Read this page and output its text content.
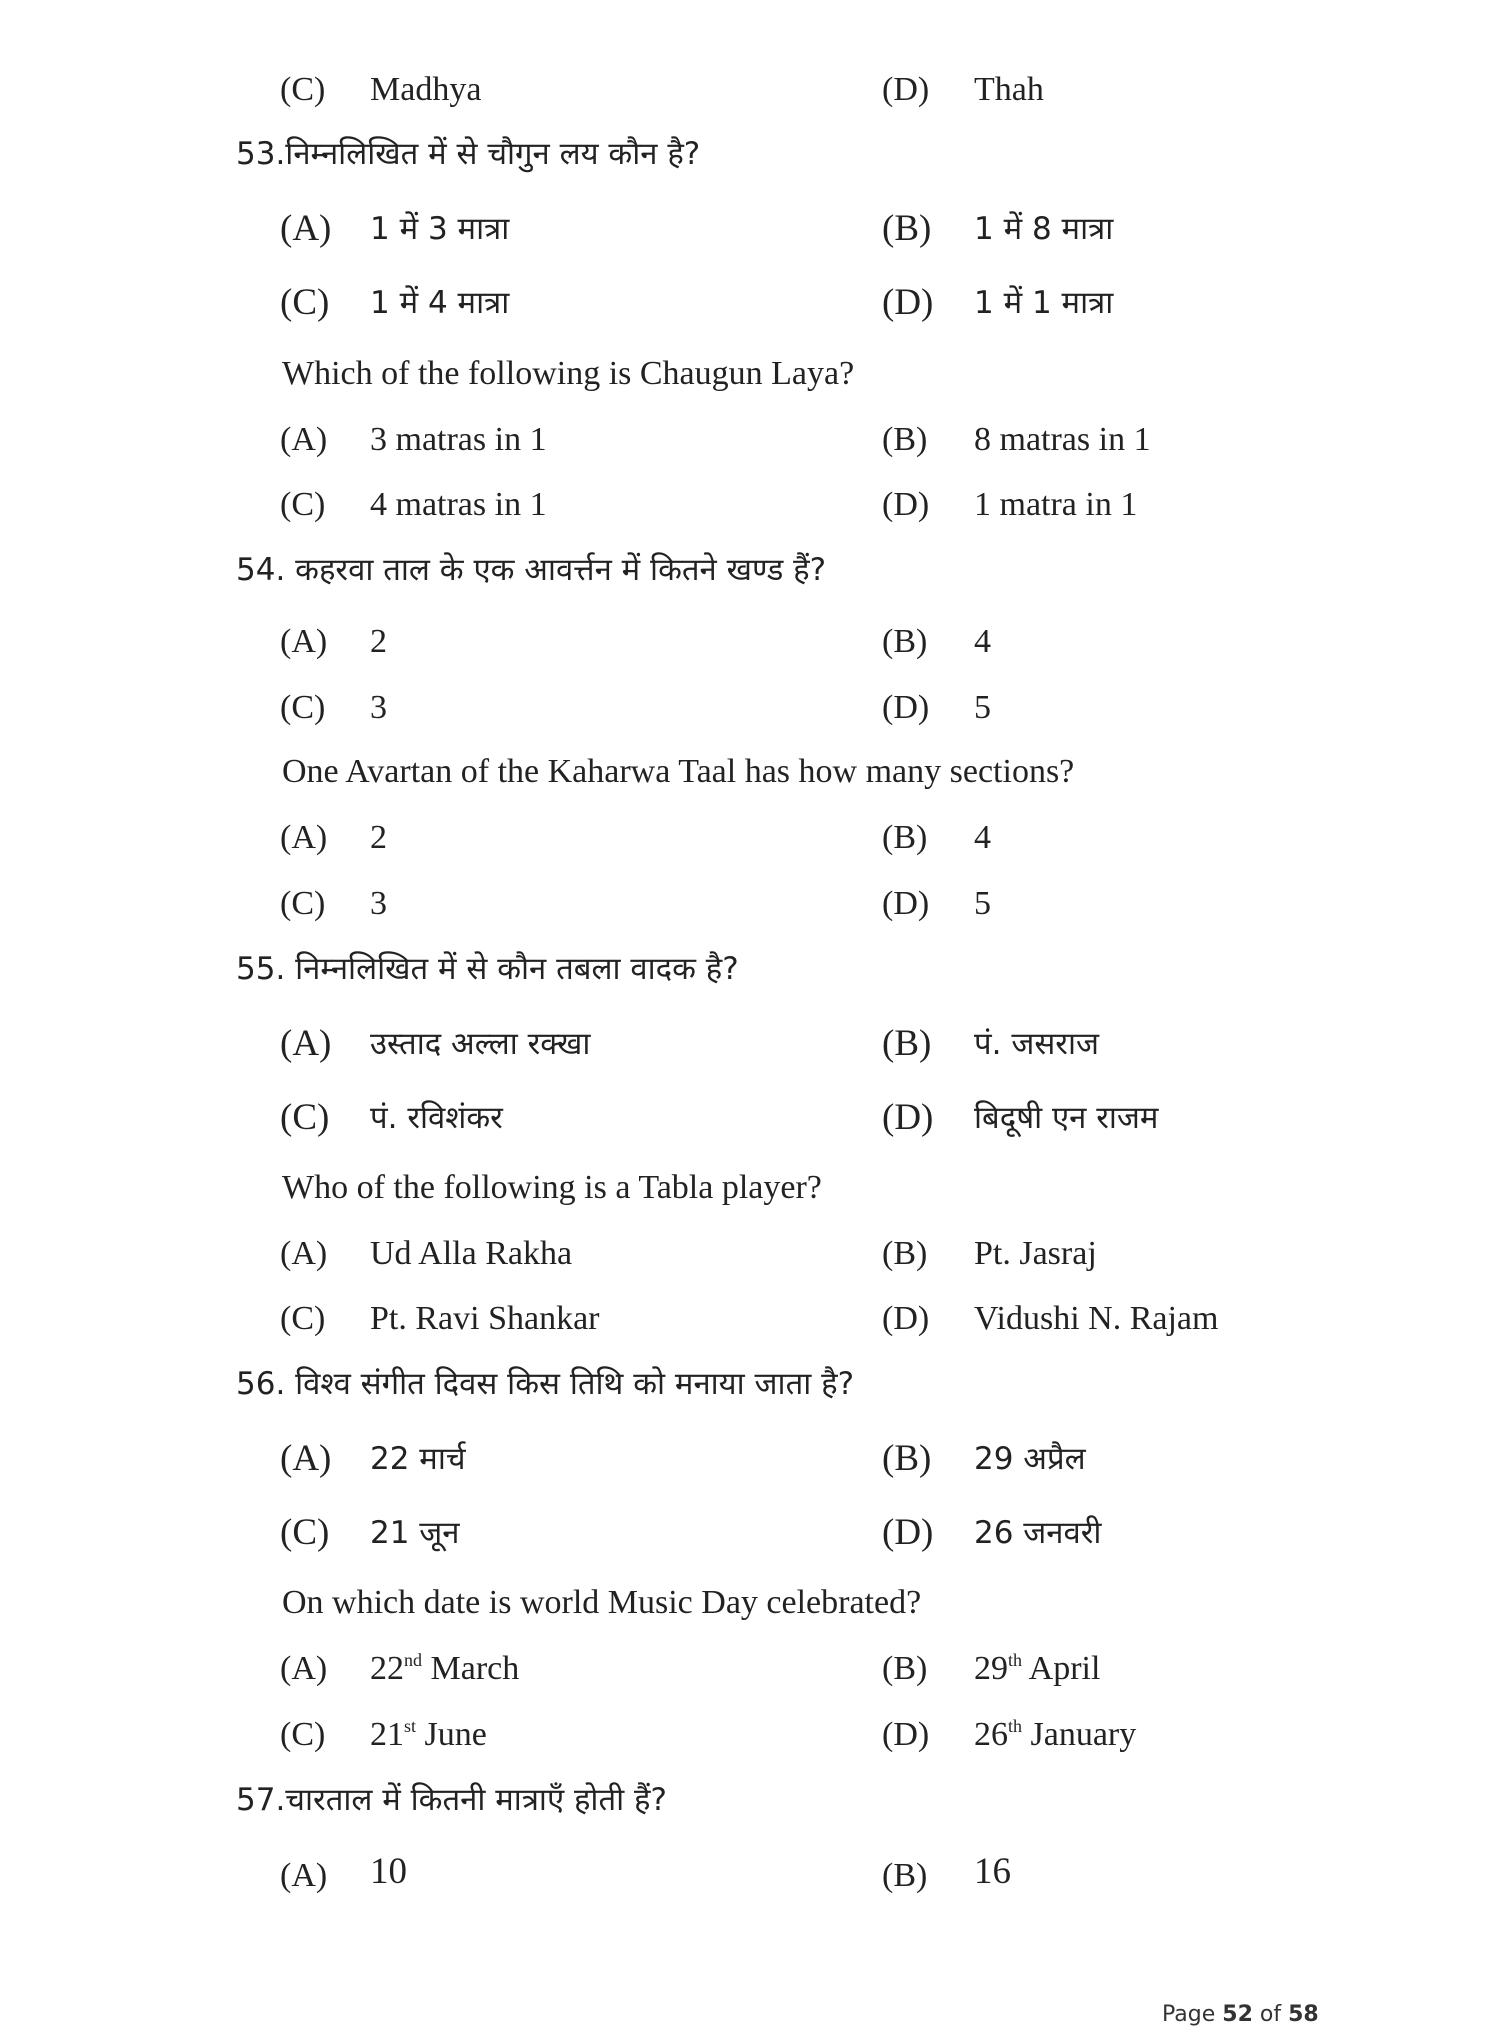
(C) Madhya	(D) Thah
53.निम्नलिखित में से चौगुन लय कौन है?
(A) 1 में 3 मात्रा	(B) 1 में 8 मात्रा
(C) 1 में 4 मात्रा	(D) 1 में 1 मात्रा
Which of the following is Chaugun Laya?
(A) 3 matras in 1	(B) 8 matras in 1
(C) 4 matras in 1	(D) 1 matra in 1
54. कहरवा ताल के एक आवर्त्तन में कितने खण्ड हैं?
(A) 2	(B) 4
(C) 3	(D) 5
One Avartan of the Kaharwa Taal has how many sections?
(A) 2	(B) 4
(C) 3	(D) 5
55. निम्नलिखित में से कौन तबला वादक है?
(A) उस्ताद अल्ला रक्खा	(B) पं. जसराज
(C) पं. रविशंकर	(D) बिदूषी एन राजम
Who of the following is a Tabla player?
(A) Ud Alla Rakha	(B) Pt. Jasraj
(C) Pt. Ravi Shankar	(D) Vidushi N. Rajam
56. विश्व संगीत दिवस किस तिथि को मनाया जाता है?
(A) 22 मार्च	(B) 29 अप्रैल
(C) 21 जून	(D) 26 जनवरी
On which date is world Music Day celebrated?
(A) 22nd March	(B) 29th April
(C) 21st June	(D) 26th January
57.चारताल में कितनी मात्राएँ होती हैं?
(A) 10	(B) 16
Page 52 of 58
